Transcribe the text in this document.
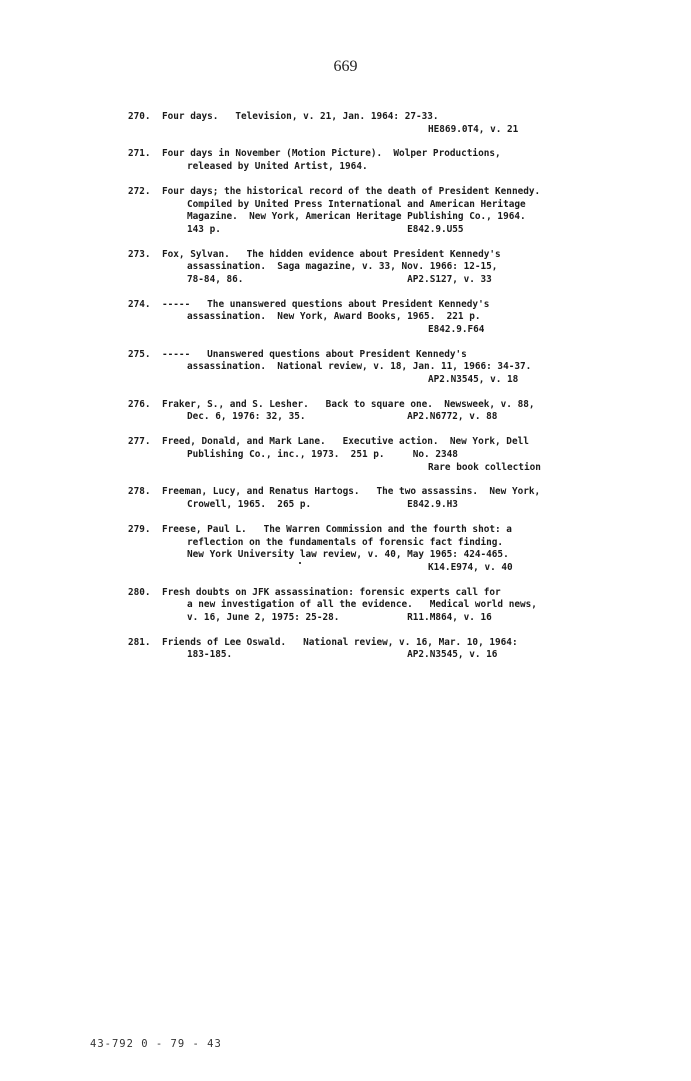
669
270. Four days.   Television, v. 21, Jan. 1964: 27-33.
HE869.0T4, v. 21
271. Four days in November (Motion Picture).  Wolper Productions,
released by United Artist, 1964.
272. Four days; the historical record of the death of President Kennedy.
Compiled by United Press International and American Heritage
Magazine.  New York, American Heritage Publishing Co., 1964.
143 p.                                 E842.9.U55
273. Fox, Sylvan.   The hidden evidence about President Kennedy's
assassination.  Saga magazine, v. 33, Nov. 1966: 12-15,
78-84, 86.                             AP2.S127, v. 33
274. -----   The unanswered questions about President Kennedy's
assassination.  New York, Award Books, 1965.  221 p.
E842.9.F64
275. -----   Unanswered questions about President Kennedy's
assassination.  National review, v. 18, Jan. 11, 1966: 34-37.
AP2.N3545, v. 18
276. Fraker, S., and S. Lesher.   Back to square one.  Newsweek, v. 88,
Dec. 6, 1976: 32, 35.                  AP2.N6772, v. 88
277. Freed, Donald, and Mark Lane.   Executive action.  New York, Dell
Publishing Co., inc., 1973.  251 p.     No. 2348
Rare book collection
278. Freeman, Lucy, and Renatus Hartogs.   The two assassins.  New York,
Crowell, 1965.  265 p.                 E842.9.H3
279. Freese, Paul L.   The Warren Commission and the fourth shot: a
reflection on the fundamentals of forensic fact finding.
New York University law review, v. 40, May 1965: 424-465.
K14.E974, v. 40
280. Fresh doubts on JFK assassination: forensic experts call for
a new investigation of all the evidence.   Medical world news,
v. 16, June 2, 1975: 25-28.            R11.M864, v. 16
281. Friends of Lee Oswald.   National review, v. 16, Mar. 10, 1964:
183-185.                               AP2.N3545, v. 16
43-792 0 - 79 - 43
